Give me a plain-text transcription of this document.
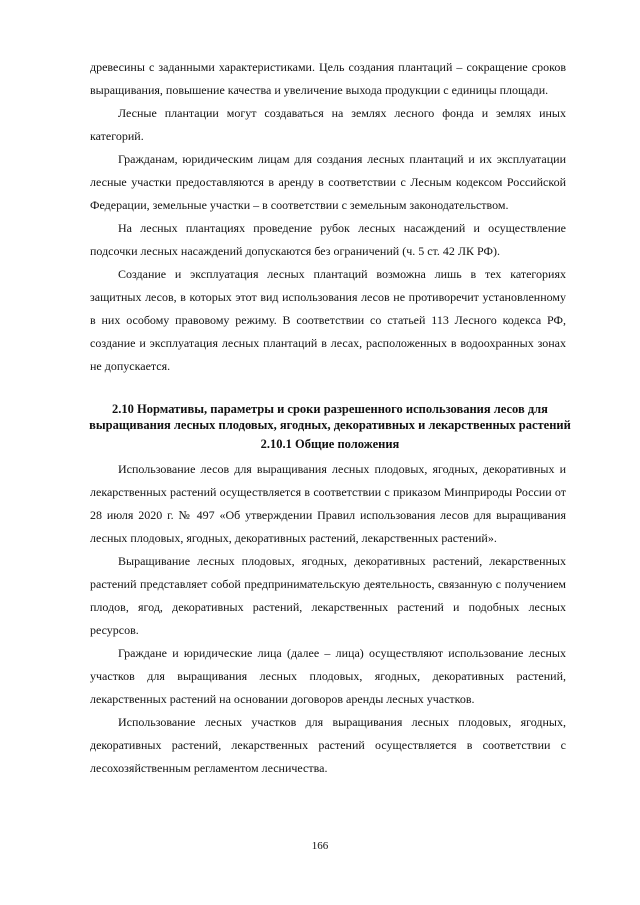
древесины с заданными характеристиками. Цель создания плантаций – сокращение сроков выращивания, повышение качества и увеличение выхода продукции с единицы площади.

Лесные плантации могут создаваться на землях лесного фонда и землях иных категорий.

Гражданам, юридическим лицам для создания лесных плантаций и их эксплуатации лесные участки предоставляются в аренду в соответствии с Лесным кодексом Российской Федерации, земельные участки – в соответствии с земельным законодательством.

На лесных плантациях проведение рубок лесных насаждений и осуществление подсочки лесных насаждений допускаются без ограничений (ч. 5 ст. 42 ЛК РФ).

Создание и эксплуатация лесных плантаций возможна лишь в тех категориях защитных лесов, в которых этот вид использования лесов не противоречит установленному в них особому правовому режиму. В соответствии со статьей 113 Лесного кодекса РФ, создание и эксплуатация лесных плантаций в лесах, расположенных в водоохранных зонах не допускается.

2.10 Нормативы, параметры и сроки разрешенного использования лесов для выращивания лесных плодовых, ягодных, декоративных и лекарственных растений
2.10.1 Общие положения

Использование лесов для выращивания лесных плодовых, ягодных, декоративных и лекарственных растений осуществляется в соответствии с приказом Минприроды России от 28 июля 2020 г. № 497 «Об утверждении Правил использования лесов для выращивания лесных плодовых, ягодных, декоративных растений, лекарственных растений».

Выращивание лесных плодовых, ягодных, декоративных растений, лекарственных растений представляет собой предпринимательскую деятельность, связанную с получением плодов, ягод, декоративных растений, лекарственных растений и подобных лесных ресурсов.

Граждане и юридические лица (далее – лица) осуществляют использование лесных участков для выращивания лесных плодовых, ягодных, декоративных растений, лекарственных растений на основании договоров аренды лесных участков.

Использование лесных участков для выращивания лесных плодовых, ягодных, декоративных растений, лекарственных растений осуществляется в соответствии с лесохозяйственным регламентом лесничества.

166
